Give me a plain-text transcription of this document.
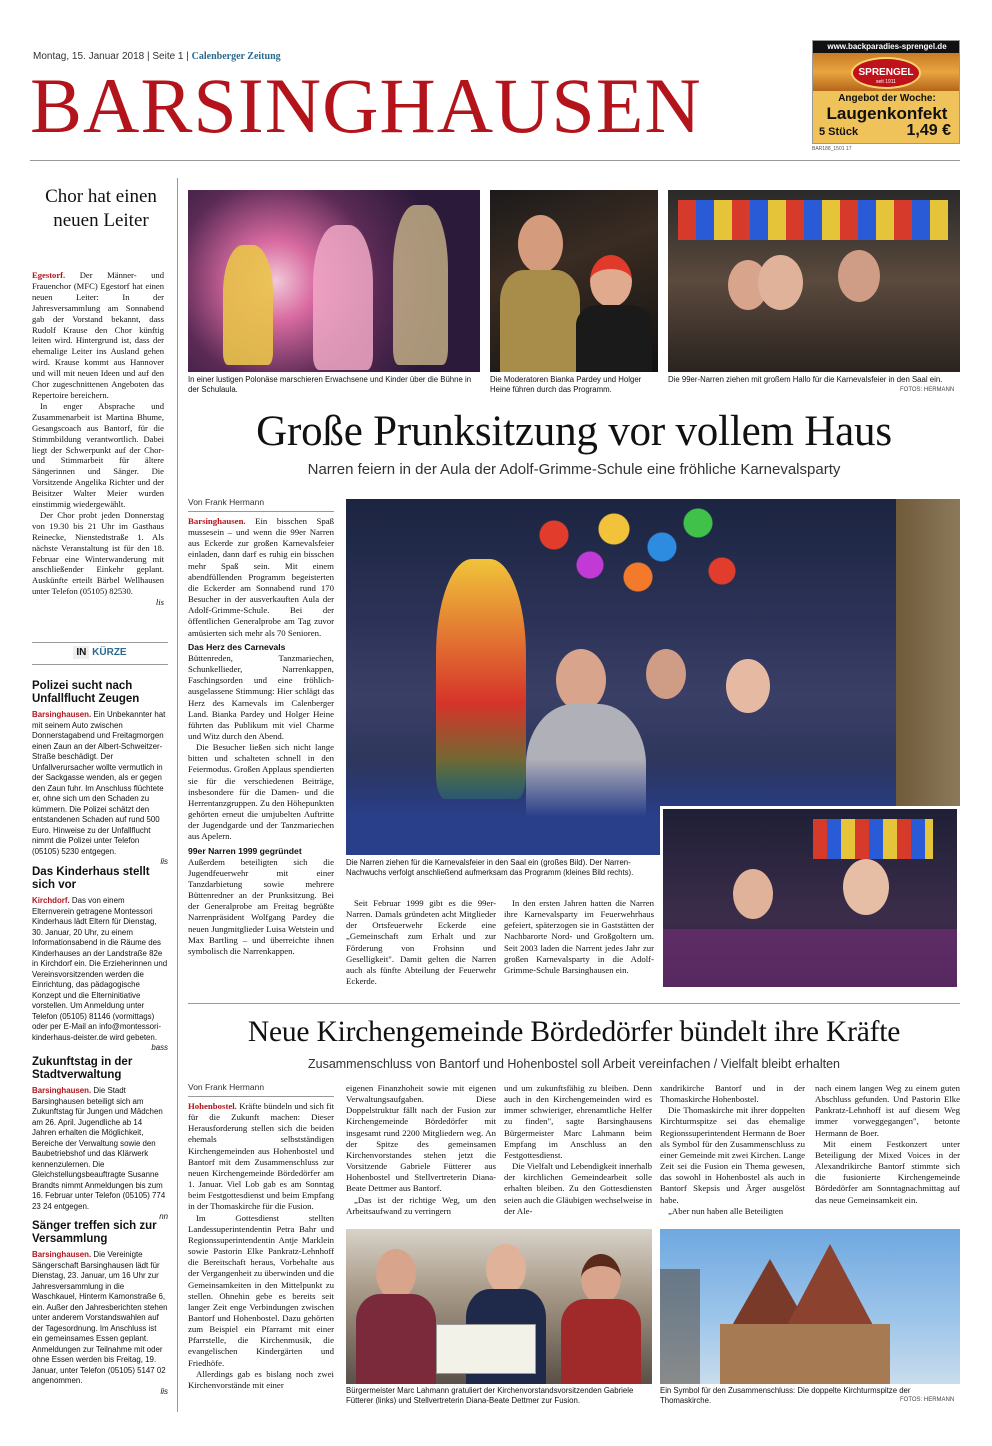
Montag, 15. Januar 2018 | Seite 1 | Calenberger Zeitung
BARSINGHAUSEN
www.backparadies-sprengel.de
SPRENGEL
seit 1911
Angebot der Woche:
Laugenkonfekt
5 Stück	1,49 €
BAR188_1501 17
Chor hat einen neuen Leiter

Egestorf. Der Männer- und Frauenchor (MFC) Egestorf hat einen neuen Leiter: In der Jahresversammlung am Sonnabend gab der Vorstand bekannt, dass Rudolf Krause den Chor künftig leiten wird. Hintergrund ist, dass der ehemalige Leiter ins Ausland gehen wird. Krause kommt aus Hannover und will mit neuen Ideen und auf den Chor zugeschnittenen Angeboten das Repertoire bereichern.

In enger Absprache und Zusammenarbeit ist Martina Bhume, Gesangscoach aus Bantorf, für die Stimmbildung verantwortlich. Dabei liegt der Schwerpunkt auf der Chor- und Stimmarbeit für ältere Sängerinnen und Sänger. Die Vorsitzende Angelika Richter und der Beisitzer Walter Meier wurden einstimmig wiedergewählt.

Der Chor probt jeden Donnerstag von 19.30 bis 21 Uhr im Gasthaus Reinecke, Nienstedtstraße 1. Als nächste Veranstaltung ist für den 18. Februar eine Winterwanderung mit anschließender Einkehr geplant. Auskünfte erteilt Bärbel Wellhausen unter Telefon (05105) 82530.

lis
IN KÜRZE
Polizei sucht nach Unfallflucht Zeugen
Barsinghausen. Ein Unbekannter hat mit seinem Auto zwischen Donnerstagabend und Freitagmorgen einen Zaun an der Albert-Schweitzer-Straße beschädigt. Der Unfallverursacher wollte vermutlich in der Sackgasse wenden, als er gegen den Zaun fuhr. Im Anschluss flüchtete er, ohne sich um den Schaden zu kümmern. Die Polizei schätzt den entstandenen Schaden auf rund 500 Euro. Hinweise zu der Unfallflucht nimmt die Polizei unter Telefon (05105) 5230 entgegen.
lis
Das Kinderhaus stellt sich vor
Kirchdorf. Das von einem Elternverein getragene Montessori Kinderhaus lädt Eltern für Dienstag, 30. Januar, 20 Uhr, zu einem Informationsabend in die Räume des Kinderhauses an der Landstraße 82e in Kirchdorf ein. Die Erzieherinnen und Vereinsvorsitzenden werden die Einrichtung, das pädagogische Konzept und die Elterninitiative vorstellen. Um Anmeldung unter Telefon (05105) 81146 (vormittags) oder per E-Mail an info@montessori-kinderhaus-deister.de wird gebeten.
bass
Zukunftstag in der Stadtverwaltung
Barsinghausen. Die Stadt Barsinghausen beteiligt sich am Zukunftstag für Jungen und Mädchen am 26. April. Jugendliche ab 14 Jahren erhalten die Möglichkeit, Bereiche der Verwaltung sowie den Baubetriebshof und das Klärwerk kennenzulernen. Die Gleichstellungsbeauftragte Susanne Brandts nimmt Anmeldungen bis zum 16. Februar unter Telefon (05105) 774 23 24 entgegen.
nn
Sänger treffen sich zur Versammlung
Barsinghausen. Die Vereinigte Sängerschaft Barsinghausen lädt für Dienstag, 23. Januar, um 16 Uhr zur Jahresversammlung in die Waschkauel, Hinterm Kamonstraße 6, ein. Außer den Jahresberichten stehen unter anderem Vorstandswahlen auf der Tagesordnung. Im Anschluss ist ein gemeinsames Essen geplant. Anmeldungen zur Teilnahme mit oder ohne Essen werden bis Freitag, 19. Januar, unter Telefon (05105) 5147 02 angenommen.
lis
In einer lustigen Polonäse marschieren Erwachsene und Kinder über die Bühne in der Schulaula.
Die Moderatoren Bianka Pardey und Holger Heine führen durch das Programm.
Die 99er-Narren ziehen mit großem Hallo für die Karnevalsfeier in den Saal ein.
FOTOS: HERMANN
Große Prunksitzung vor vollem Haus
Narren feiern in der Aula der Adolf-Grimme-Schule eine fröhliche Karnevalsparty
Von Frank Hermann

Barsinghausen. Ein bisschen Spaß mussesein – und wenn die 99er Narren aus Eckerde zur großen Karnevalsfeier einladen, dann darf es ruhig ein bisschen mehr Spaß sein. Mit einem abendfüllenden Programm begeisterten die Eckerder am Sonnabend rund 170 Besucher in der ausverkauften Aula der Adolf-Grimme-Schule. Bei der öffentlichen Generalprobe am Tag zuvor amüsierten sich mehr als 70 Senioren.

Das Herz des Carnevals

Büttenreden, Tanzmariechen, Schunkellieder, Narrenkappen, Faschingsorden und eine fröhlich-ausgelassene Stimmung: Hier schlägt das Herz des Karnevals im Calenberger Land. Bianka Pardey und Holger Heine führten das Publikum mit viel Charme und Witz durch den Abend.

Die Besucher ließen sich nicht lange bitten und schalteten schnell in den Feiermodus. Großen Applaus spendierten sie für die verschiedenen Beiträge, insbesondere für die Damen- und die Herrentanzgruppen. Zu den Höhepunkten gehörten erneut die umjubelten Auftritte der Jugendgarde und der Tanzmariechen aus Apelern.

99er Narren 1999 gegründet

Außerdem beteiligten sich die Jugendfeuerwehr mit einer Tanzdarbietung sowie mehrere Büttenredner an der Prunksitzung. Bei der Generalprobe am Freitag begrüßte Narrenpräsident Wolfgang Pardey die neuen Jungmitglieder Luisa Wetstein und Max Bartling – und überreichte ihnen symbolisch die Narrenkappen.

Die Narren ziehen für die Karnevalsfeier in den Saal ein (großes Bild). Der Narren-Nachwuchs verfolgt anschließend aufmerksam das Programm (kleines Bild rechts).

Seit Februar 1999 gibt es die 99er-Narren. Damals gründeten acht Mitglieder der Ortsfeuerwehr Eckerde eine „Gemeinschaft zum Erhalt und zur Förderung von Frohsinn und Geselligkeit". Damit gelten die Narren auch als fünfte Abteilung der Feuerwehr Eckerde.

In den ersten Jahren hatten die Narren ihre Karnevalsparty im Feuerwehrhaus gefeiert, späterzogen sie in Gaststätten der Nachbarorte Nord- und Großgoltern um. Seit 2003 laden die Narrent jedes Jahr zur großen Karnevalsparty in die Adolf-Grimme-Schule Barsinghausen ein.

Neue Kirchengemeinde Bördedörfer bündelt ihre Kräfte
Zusammenschluss von Bantorf und Hohenbostel soll Arbeit vereinfachen / Vielfalt bleibt erhalten
Von Frank Hermann

Hohenbostel. Kräfte bündeln und sich fit für die Zukunft machen: Dieser Herausforderung stellen sich die beiden ehemals selbstständigen Kirchengemeinden aus Hohenbostel und Bantorf mit dem Zusammenschluss zur neuen Kirchengemeinde Bördedörfer am 1. Januar. Viel Lob gab es am Sonntag beim Festgottesdienst und beim Empfang in der Thomaskirche für die Fusion.

Im Gottesdienst stellten Landessuperintendentin Petra Bahr und Regionssuperintendentin Antje Marklein sowie Pastorin Elke Pankratz-Lehnhoff die Bereitschaft heraus, Vorbehalte aus der Vergangenheit zu überwinden und die Gemeinsamkeiten in den Mittelpunkt zu stellen. Ohnehin gebe es bereits seit langer Zeit enge Verbindungen zwischen Bantorf und Hohenbostel. Dazu gehörten zum Beispiel ein Pfarramt mit einer Pfarrstelle, die Kirchenmusik, die evangelischen Kindergärten und Friedhöfe.

Allerdings gab es bislang noch zwei Kirchenvorstände mit einer

eigenen Finanzhoheit sowie mit eigenen Verwaltungsaufgaben. Diese Doppelstruktur fällt nach der Fusion zur Kirchengemeinde Bördedörfer mit insgesamt rund 2200 Mitgliedern weg. An der Spitze des gemeinsamen Kirchenvorstandes stehen jetzt die Vorsitzende Gabriele Fütterer aus Hohenbostel und Stellvertreterin Diana-Beate Dettmer aus Bantorf.

„Das ist der richtige Weg, um den Arbeitsaufwand zu verringern

und um zukunftsfähig zu bleiben. Denn auch in den Kirchengemeinden wird es immer schwieriger, ehrenamtliche Helfer zu finden", sagte Barsinghausens Bürgermeister Marc Lahmann beim Empfang im Anschluss an den Festgottesdienst.

Die Vielfalt und Lebendigkeit innerhalb der kirchlichen Gemeindearbeit solle erhalten bleiben. Zu den Gottesdiensten seien auch die Gläubigen wechselweise in der Ale-

xandrikirche Bantorf und in der Thomaskirche Hohenbostel.

Die Thomaskirche mit ihrer doppelten Kirchturmspitze sei das ehemalige Regionssuperintendent Hermann de Boer als Symbol für den Zusammenschluss zu einer Gemeinde mit zwei Kirchen. Lange Zeit sei die Fusion ein Thema gewesen, das sowohl in Hohenbostel als auch in Bantorf Skepsis und Ärger ausgelöst habe.

„Aber nun haben alle Beteiligten

nach einem langen Weg zu einem guten Abschluss gefunden. Und Pastorin Elke Pankratz-Lehnhoff ist auf diesem Weg immer vorweggegangen", betonte Hermann de Boer.

Mit einem Festkonzert unter Beteiligung der Mixed Voices in der Alexandrikirche Bantorf stimmte sich die fusionierte Kirchengemeinde Bördedörfer am Sonntagnachmittag auf das neue Gemeinsamkeit ein.

Bürgermeister Marc Lahmann gratuliert der Kirchenvorstandsvorsitzenden Gabriele Fütterer (links) und Stellvertreterin Diana-Beate Dettmer zur Fusion.
Ein Symbol für den Zusammenschluss: Die doppelte Kirchturmspitze der Thomaskirche.	FOTOS: HERMANN
